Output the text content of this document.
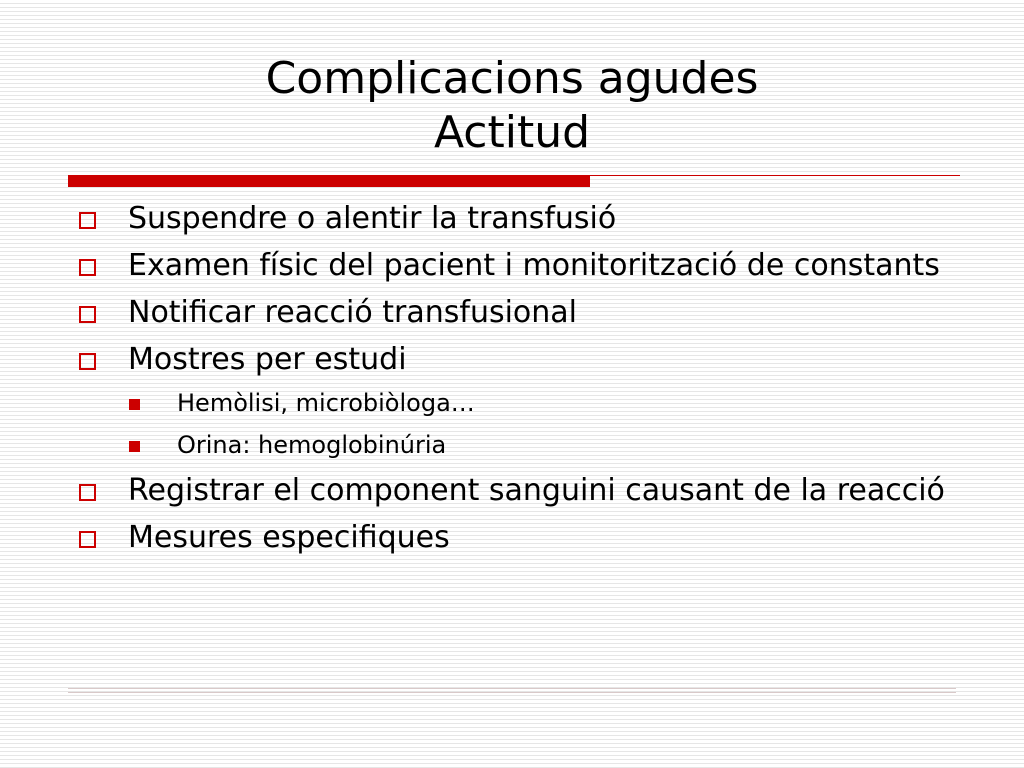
Complicacions agudes
Actitud
Suspendre o alentir la transfusió
Examen físic del pacient i monitorització de constants
Notificar reacció transfusional
Mostres per estudi
Hemòlisi, microbiòloga…
Orina: hemoglobinúria
Registrar el component sanguini causant de la reacció
Mesures especifiques
